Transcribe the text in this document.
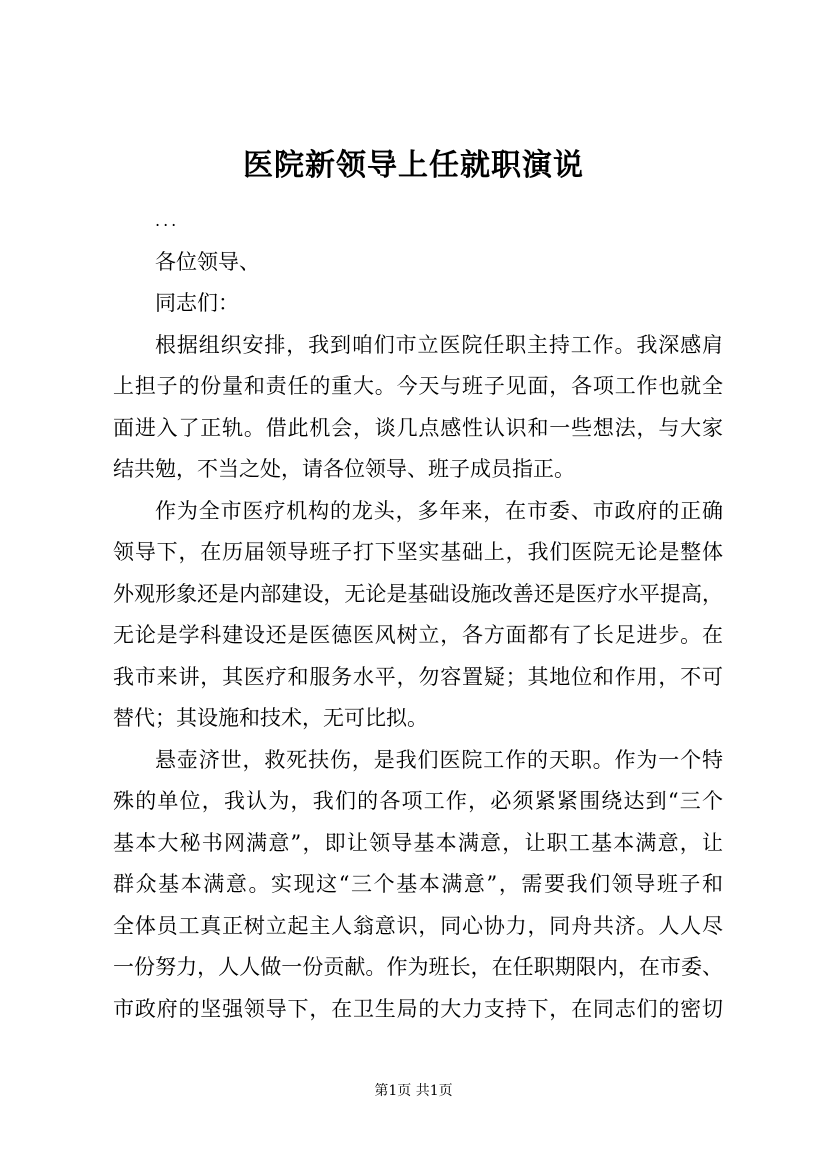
医院新领导上任就职演说
...
各位领导、
同志们：
根据组织安排，我到咱们市立医院任职主持工作。我深感肩
上担子的份量和责任的重大。今天与班子见面，各项工作也就全
面进入了正轨。借此机会，谈几点感性认识和一些想法，与大家
结共勉，不当之处，请各位领导、班子成员指正。
作为全市医疗机构的龙头，多年来，在市委、市政府的正确
领导下，在历届领导班子打下坚实基础上，我们医院无论是整体
外观形象还是内部建设，无论是基础设施改善还是医疗水平提高，
无论是学科建设还是医德医风树立，各方面都有了长足进步。在
我市来讲，其医疗和服务水平，勿容置疑；其地位和作用，不可
替代；其设施和技术，无可比拟。
悬壶济世，救死扶伤，是我们医院工作的天职。作为一个特
殊的单位，我认为，我们的各项工作，必须紧紧围绕达到“三个
基本大秘书网满意”，即让领导基本满意，让职工基本满意，让
群众基本满意。实现这“三个基本满意”，需要我们领导班子和
全体员工真正树立起主人翁意识，同心协力，同舟共济。人人尽
一份努力，人人做一份贡献。作为班长，在任职期限内，在市委、
市政府的坚强领导下，在卫生局的大力支持下，在同志们的密切
第1页 共1页
